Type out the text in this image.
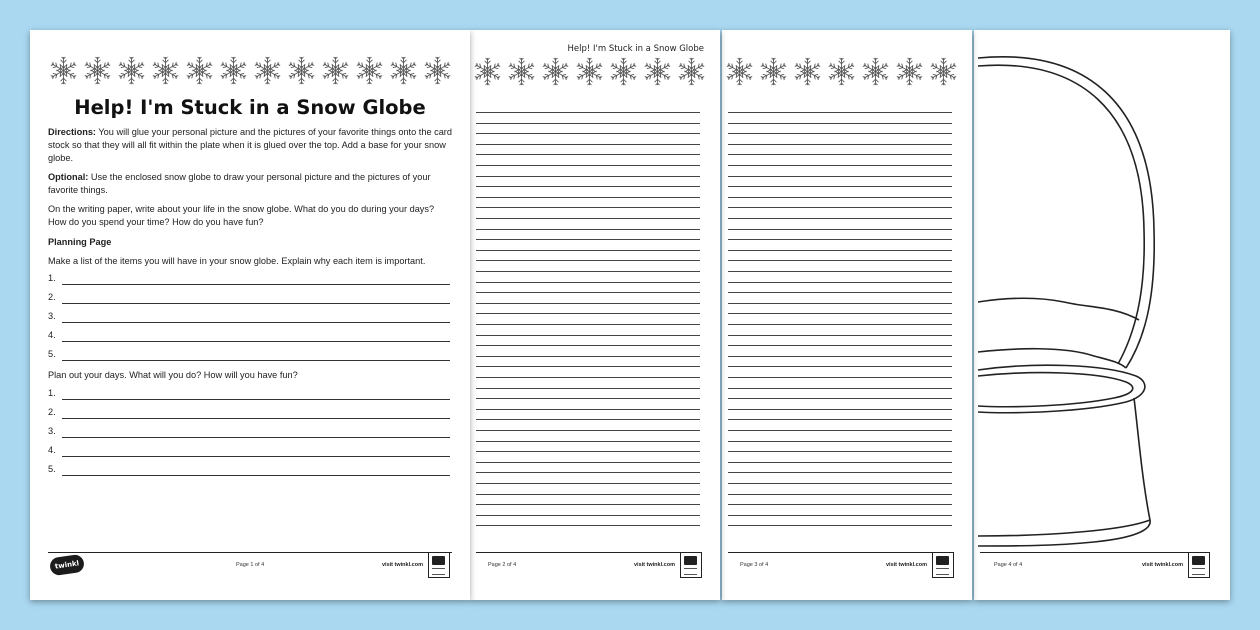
Help! I'm Stuck in a Snow Globe
Directions: You will glue your personal picture and the pictures of your favorite things onto the card stock so that they will all fit within the plate when it is glued over the top. Add a base for your snow globe.
Optional: Use the enclosed snow globe to draw your personal picture and the pictures of your favorite things.
On the writing paper, write about your life in the snow globe. What do you do during your days? How do you spend your time? How do you have fun?
Planning Page
Make a list of the items you will have in your snow globe. Explain why each item is important.
1.
2.
3.
4.
5.
Plan out your days. What will you do? How will you have fun?
1.
2.
3.
4.
5.
twinkl	Page 1 of 4	visit twinkl.com
Help! I'm Stuck in a Snow Globe
Page 2 of 4	visit twinkl.com	Page 3 of 4	visit twinkl.com	Page 4 of 4	visit twinkl.com
